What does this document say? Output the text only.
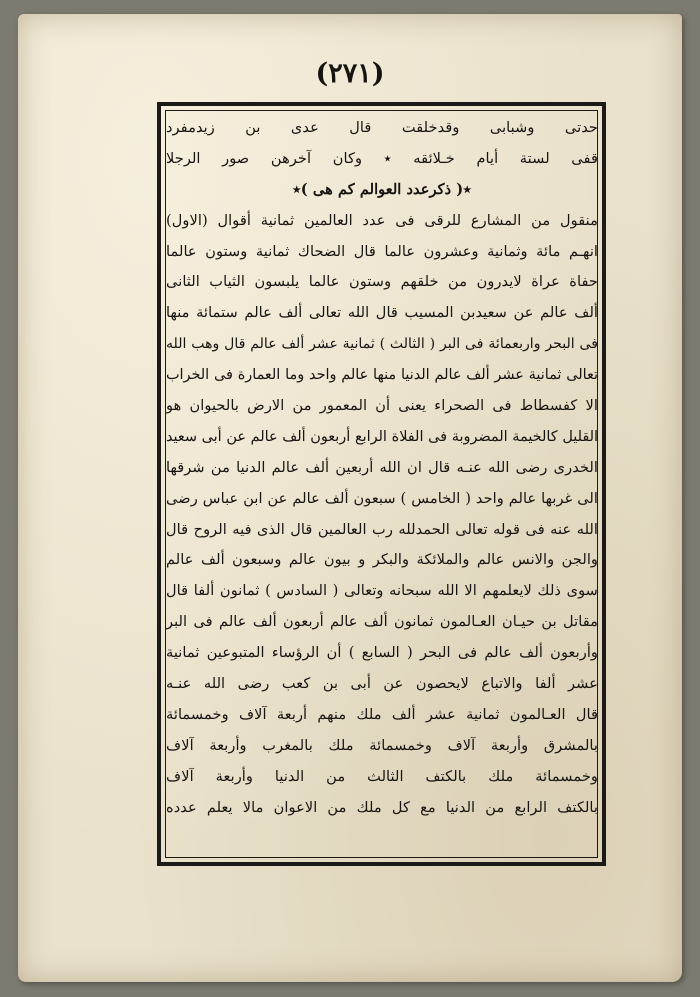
(٢٧١)
حدتى وشبابى وقدخلقت قال عدى بن زيدمفرد
قفى لستة أيام خـلائقه ٭ وكان آخرهن صور الرجلا
٭( ذكرعدد العوالم كم هى )٭
منقول من المشارع للرقى فى عدد العالمين ثمانية أقوال (الاول)
انهـم مائة وثمانية وعشرون عالما قال الضحاك ثمانية وستون عالما
حفاة عراة لايدرون من خلقهم وستون عالما يلبسون الثياب الثانى
ألف عالم عن سعيدبن المسيب قال الله تعالى ألف عالم ستمائة منها
فى البحر واربعمائة فى البر ( الثالث ) ثمانية عشر ألف عالم قال وهب الله
تعالى ثمانية عشر ألف عالم الدنيا منها عالم واحد وما العمارة فى الخراب
الا كفسطاط فى الصحراء يعنى أن المعمور من الارض بالحيوان هو
القليل كالخيمة المضروبة فى الفلاة الرابع أربعون ألف عالم عن أبى سعيد
الخدرى رضى الله عنـه قال ان الله أربعين ألف عالم الدنيا من شرقها
الى غربها عالم واحد ( الخامس ) سبعون ألف عالم عن ابن عباس رضى
الله عنه فى قوله تعالى الحمدلله رب العالمين قال الذى فيه الروح قال
والجن والانس عالم والملائكة والبكر و بيون عالم وسبعون ألف عالم
سوى ذلك لايعلمهم الا الله سبحانه وتعالى ( السادس ) ثمانون ألفا قال
مقاتل بن حيـان العـالمون ثمانون ألف عالم أربعون ألف عالم فى البر
وأربعون ألف عالم فى البحر ( السابع ) أن الرؤساء المتبوعين ثمانية
عشر ألفا والاتباع لايحصون عن أبى بن كعب رضى الله عنـه
قال العـالمون ثمانية عشر ألف ملك منهم أربعة آلاف وخمسمائة
بالمشرق وأربعة آلاف وخمسمائة ملك بالمغرب وأربعة آلاف
وخمسمائة ملك بالكتف الثالث من الدنيا وأربعة آلاف
بالكتف الرابع من الدنيا مع كل ملك من الاعوان مالا يعلم عدده
